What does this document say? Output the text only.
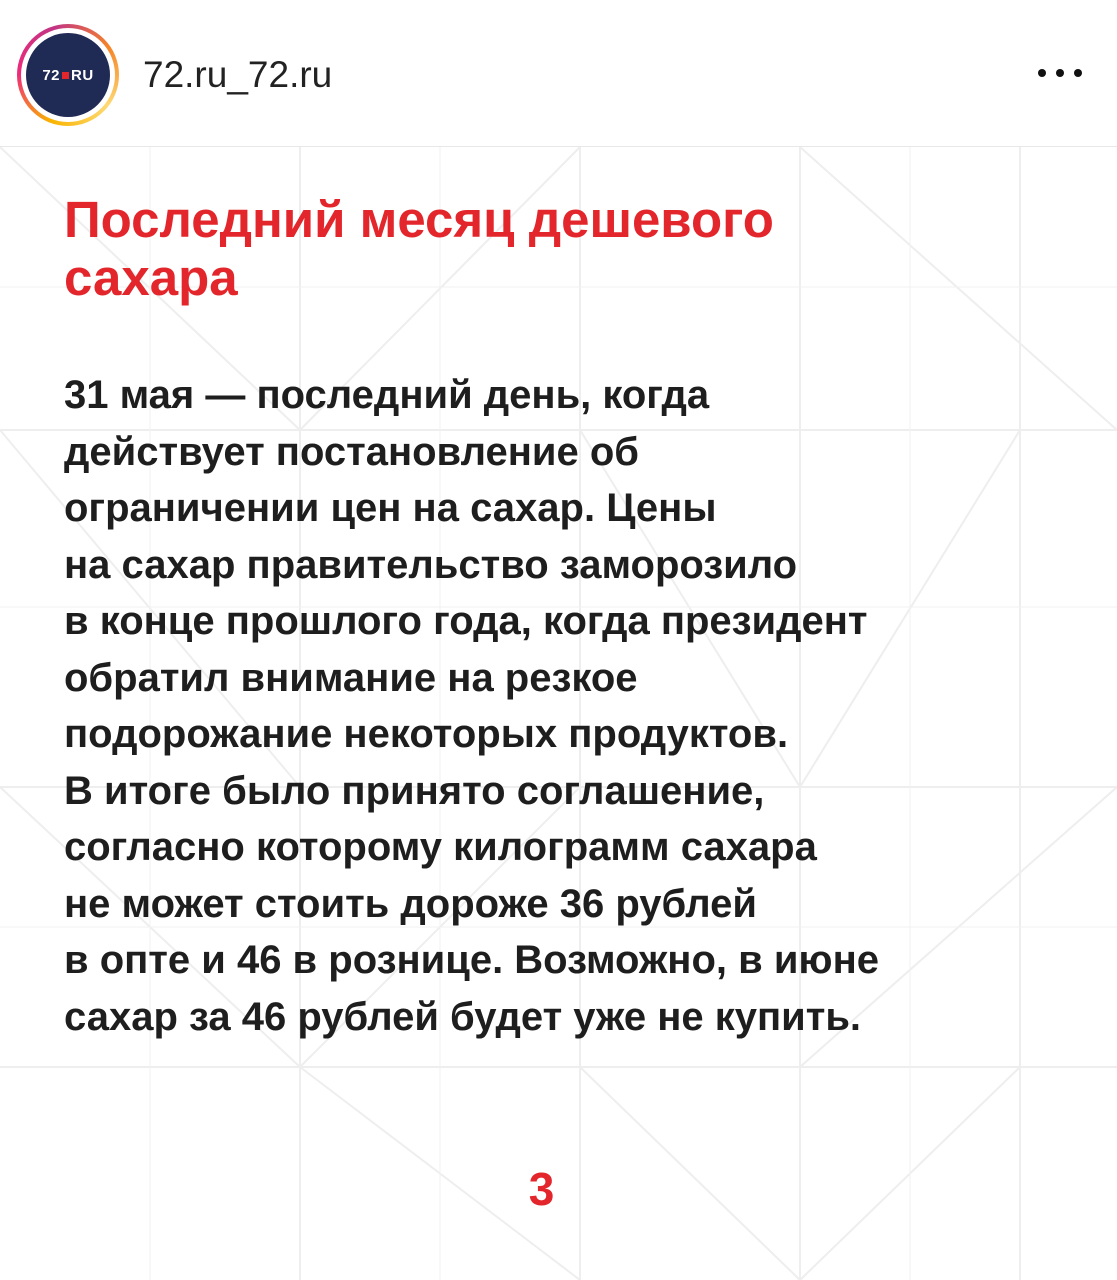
72 RU 72.ru_72.ru
Последний месяц дешевого
сахара

31 мая — последний день, когда
действует постановление об
ограничении цен на сахар. Цены
на сахар правительство заморозило
в конце прошлого года, когда президент
обратил внимание на резкое
подорожание некоторых продуктов.
В итоге было принято соглашение,
согласно которому килограмм сахара
не может стоить дороже 36 рублей
в опте и 46 в рознице. Возможно, в июне
сахар за 46 рублей будет уже не купить.

3
